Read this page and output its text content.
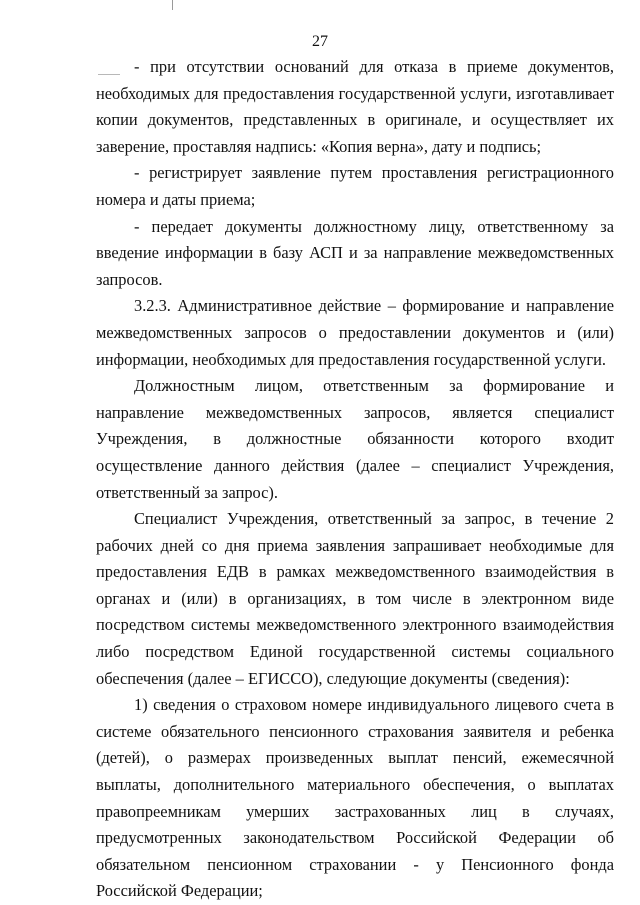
27

- при отсутствии оснований для отказа в приеме документов, необходимых для предоставления государственной услуги, изготавливает копии документов, представленных в оригинале, и осуществляет их заверение, проставляя надпись: «Копия верна», дату и подпись;

- регистрирует заявление путем проставления регистрационного номера и даты приема;

- передает документы должностному лицу, ответственному за введение информации в базу АСП и за направление межведомственных запросов.

3.2.3. Административное действие – формирование и направление межведомственных запросов о предоставлении документов и (или) информации, необходимых для предоставления государственной услуги.

Должностным лицом, ответственным за формирование и направление межведомственных запросов, является специалист Учреждения, в должностные обязанности которого входит осуществление данного действия (далее – специалист Учреждения, ответственный за запрос).

Специалист Учреждения, ответственный за запрос, в течение 2 рабочих дней со дня приема заявления запрашивает необходимые для предоставления ЕДВ в рамках межведомственного взаимодействия в органах и (или) в организациях, в том числе в электронном виде посредством системы межведомственного электронного взаимодействия либо посредством Единой государственной системы социального обеспечения (далее – ЕГИССО), следующие документы (сведения):

1) сведения о страховом номере индивидуального лицевого счета в системе обязательного пенсионного страхования заявителя и ребенка (детей), о размерах произведенных выплат пенсий, ежемесячной выплаты, дополнительного материального обеспечения, о выплатах правопреемникам умерших застрахованных лиц в случаях, предусмотренных законодательством Российской Федерации об обязательном пенсионном страховании - у Пенсионного фонда Российской Федерации;
